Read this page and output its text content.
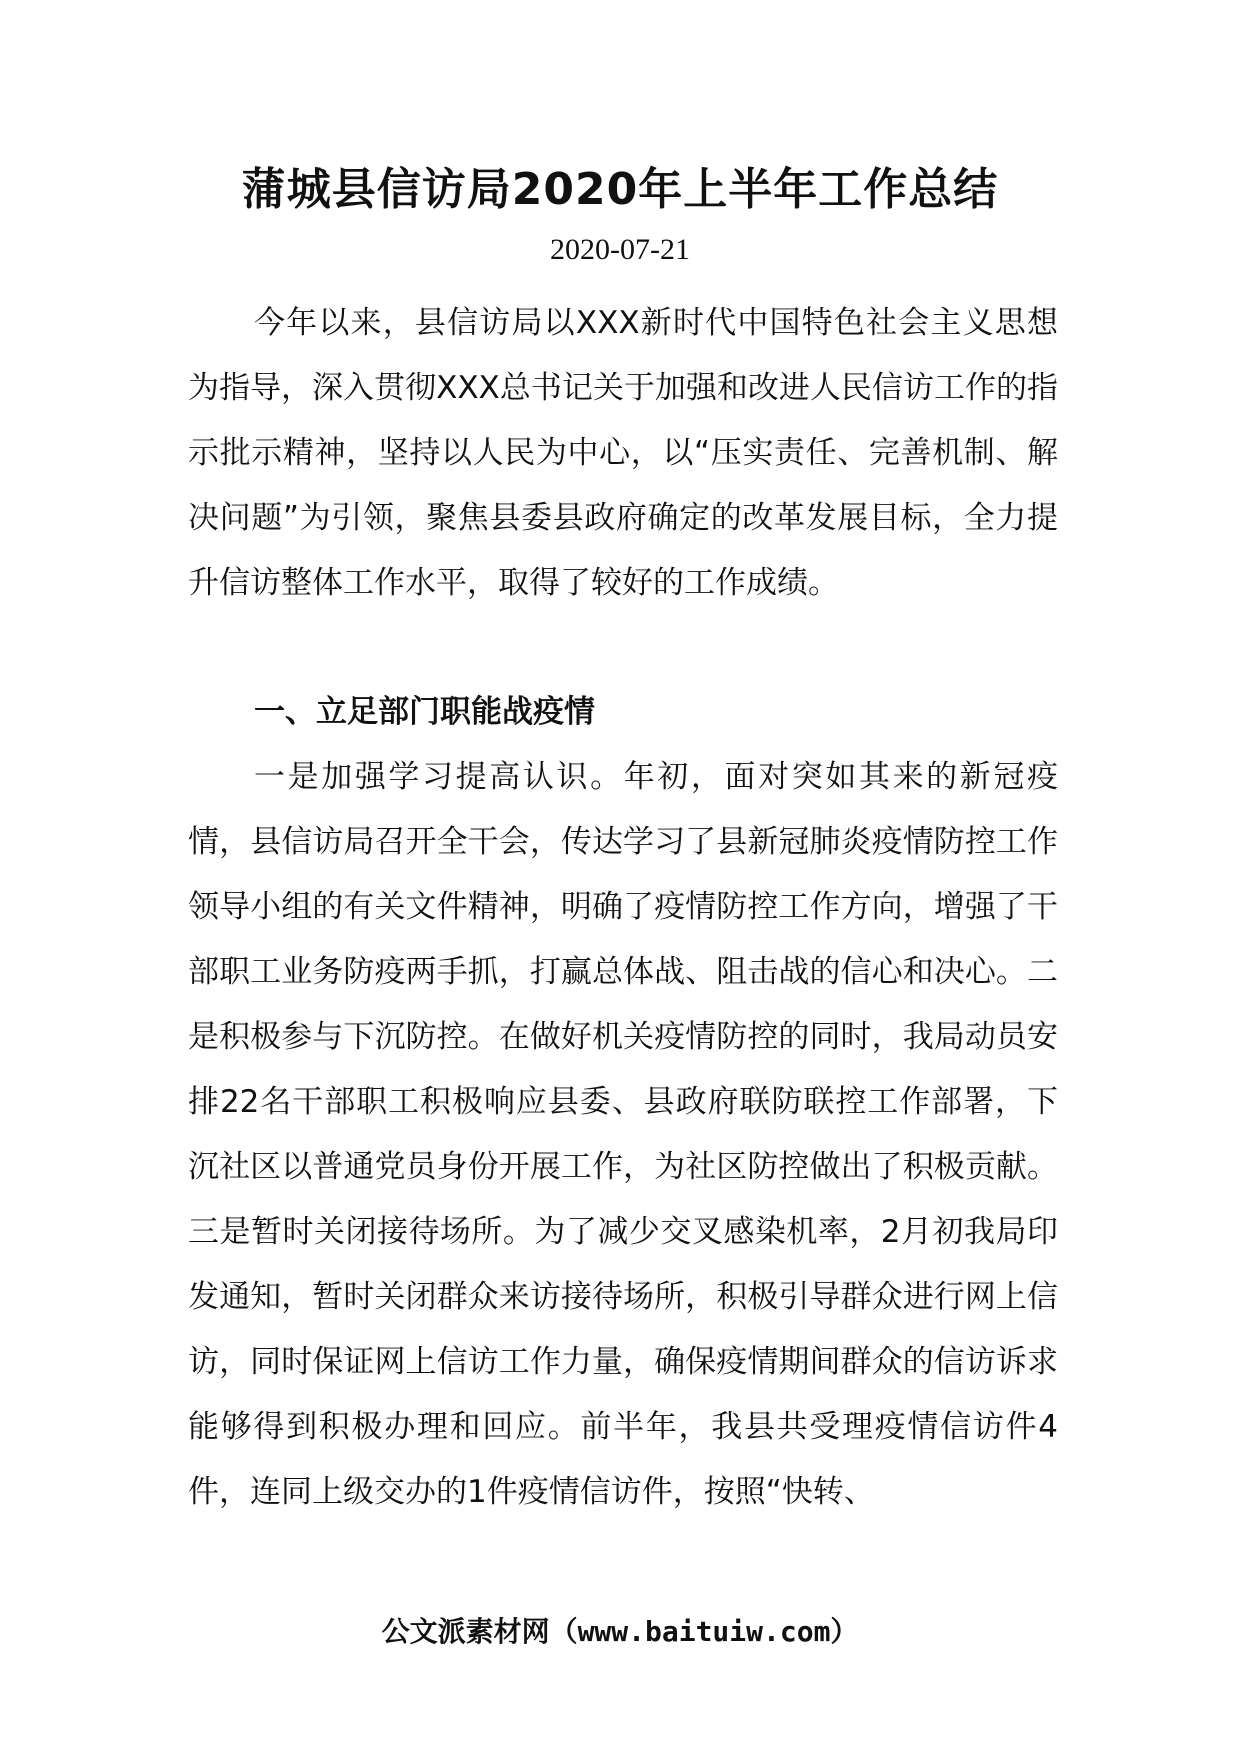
蒲城县信访局2020年上半年工作总结
2020-07-21

今年以来，县信访局以XXX新时代中国特色社会主义思想为指导，深入贯彻XXX总书记关于加强和改进人民信访工作的指示批示精神，坚持以人民为中心，以“压实责任、完善机制、解决问题”为引领，聚焦县委县政府确定的改革发展目标，全力提升信访整体工作水平，取得了较好的工作成绩。

一、立足部门职能战疫情

一是加强学习提高认识。年初，面对突如其来的新冠疫情，县信访局召开全干会，传达学习了县新冠肺炎疫情防控工作领导小组的有关文件精神，明确了疫情防控工作方向，增强了干部职工业务防疫两手抓，打赢总体战、阻击战的信心和决心。二是积极参与下沉防控。在做好机关疫情防控的同时，我局动员安排22名干部职工积极响应县委、县政府联防联控工作部署，下沉社区以普通党员身份开展工作，为社区防控做出了积极贡献。三是暂时关闭接待场所。为了减少交叉感染机率，2月初我局印发通知，暂时关闭群众来访接待场所，积极引导群众进行网上信访，同时保证网上信访工作力量，确保疫情期间群众的信访诉求能够得到积极办理和回应。前半年，我县共受理疫情信访件4件，连同上级交办的1件疫情信访件，按照“快转、

公文派素材网（www.baituiw.com）
